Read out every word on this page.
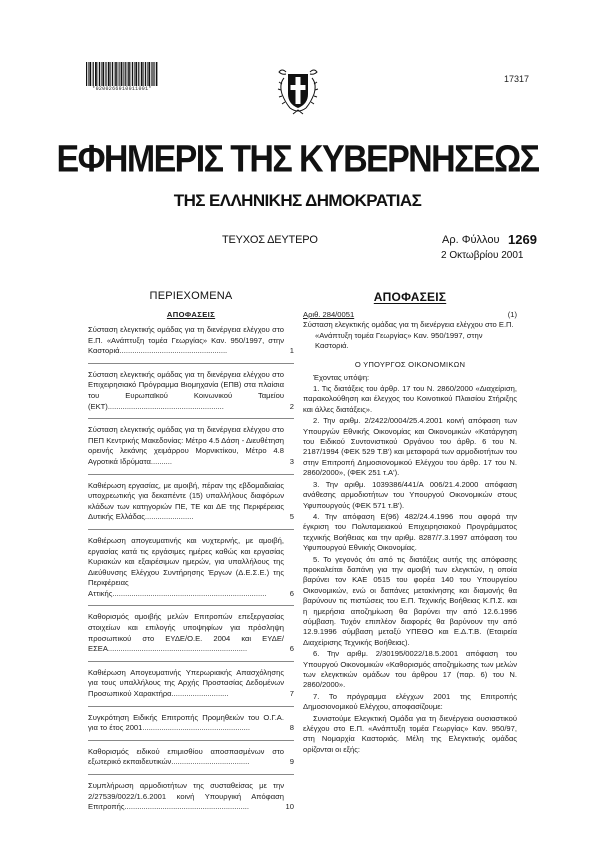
*0200266910011001*
17317
ΕΦΗΜΕΡΙΣ ΤΗΣ ΚΥΒΕΡΝΗΣΕΩΣ
ΤΗΣ ΕΛΛΗΝΙΚΗΣ ΔΗΜΟΚΡΑΤΙΑΣ
ΤΕΥΧΟΣ ΔΕΥΤΕΡΟ	Αρ. Φύλλου 1269
2 Οκτωβρίου 2001
ΠΕΡΙΕΧΟΜΕΝΑ
ΑΠΟΦΑΣΕΙΣ
Σύσταση ελεγκτικής ομάδας για τη διενέργεια ελέγχου στο Ε.Π. «Ανάπτυξη τομέα Γεωργίας» Καν. 950/1997, στην Καστοριά...................................................	1
Σύσταση ελεγκτικής ομάδας για τη διενέργεια ελέγχου στο Επιχειρησιακό Πρόγραμμα Βιομηχανία (ΕΠΒ) στα πλαίσια του Ευρωπαϊκού Κοινωνικού Ταμείου (ΕΚΤ).......................................................	2
Σύσταση ελεγκτικής ομάδας για τη διενέργεια ελέγχου στο ΠΕΠ Κεντρικής Μακεδονίας: Μέτρο 4.5 Δάση - Διευθέτηση ορεινής λεκάνης χειμάρρου Μορνικτίκου, Μέτρο 4.8 Αγροτικά Ιδρύματα..........	3
Καθιέρωση εργασίας, με αμοιβή, πέραν της εβδομαδιαίας υποχρεωτικής για δεκαπέντε (15) υπαλλήλους διαφόρων κλάδων των κατηγοριών ΠΕ, ΤΕ και ΔΕ της Περιφέρειας Δυτικής Ελλάδας.......................	5
Καθιέρωση απογευματινής και νυχτερινής, με αμοιβή, εργασίας κατά τις εργάσιμες ημέρες καθώς και εργασίας Κυριακών και εξαιρέσιμων ημερών, για υπαλλήλους της Διεύθυνσης Ελέγχου Συντήρησης Έργων (Δ.Ε.Σ.Ε.) της Περιφέρειας Αττικής.........................................................................	6
Καθορισμός αμοιβής μελών Επιτροπών επεξεργασίας στοιχείων και επιλογής υποψηφίων για πρόσληψη προσωπικού στο ΕΥΔΕ/Ο.Ε. 2004 και ΕΥΔΕ/ΕΣΕΑ..................................................................	6
Καθιέρωση Απογευματινής Υπερωριακής Απασχόλησης για τους υπαλλήλους της Αρχής Προστασίας Δεδομένων Προσωπικού Χαρακτήρα...........................	7
Συγκρότηση Ειδικής Επιτροπής Προμηθειών του Ο.Γ.Α. για το έτος 2001...................................................	8
Καθορισμός ειδικού επιμισθίου αποσπασμένων στο εξωτερικό εκπαιδευτικών.....................................	9
Συμπλήρωση αρμοδιοτήτων της συσταθείσας με την 2/27539/0022/1.6.2001 κοινή Υπουργική Απόφαση Επιτροπής...........................................................	10
ΑΠΟΦΑΣΕΙΣ
Αριθ. 284/0051	(1)
Σύσταση ελεγκτικής ομάδας για τη διενέργεια ελέγχου στο Ε.Π. «Ανάπτυξη τομέα Γεωργίας» Καν. 950/1997, στην Καστοριά.
Ο ΥΠΟΥΡΓΟΣ ΟΙΚΟΝΟΜΙΚΩΝ
Έχοντας υπόψη:

1. Τις διατάξεις του άρθρ. 17 του Ν. 2860/2000 «Διαχείριση, παρακολούθηση και έλεγχος του Κοινοτικού Πλαισίου Στήριξης και άλλες διατάξεις».

2. Την αριθμ. 2/2422/0004/25.4.2001 κοινή απόφαση των Υπουργών Εθνικής Οικονομίας και Οικονομικών «Κατάργηση του Ειδικού Συντονιστικού Οργάνου του άρθρ. 6 του Ν. 2187/1994 (ΦΕΚ 529 Τ.Β') και μεταφορά των αρμοδιοτήτων του στην Επιτροπή Δημοσιονομικού Ελέγχου του άρθρ. 17 του Ν. 2860/2000», (ΦΕΚ 251 τ.Α').

3. Την αριθμ. 1039386/441/Α 006/21.4.2000 απόφαση ανάθεσης αρμοδιοτήτων του Υπουργού Οικονομικών στους Υφυπουργούς (ΦΕΚ 571 τ.Β').

4. Την απόφαση Ε(96) 482/24.4.1996 που αφορά την έγκριση του Πολυταμειακού Επιχειρησιακού Προγράμματος τεχνικής Βοήθειας και την αριθμ. 8287/7.3.1997 απόφαση του Υφυπουργού Εθνικής Οικονομίας.

5. Το γεγονός ότι από τις διατάξεις αυτής της απόφασης προκαλείται δαπάνη για την αμοιβή των ελεγκτών, η οποία βαρύνει τον ΚΑΕ 0515 του φορέα 140 του Υπουργείου Οικονομικών, ενώ οι δαπάνες μετακίνησης και διαμονής θα βαρύνουν τις πιστώσεις του Ε.Π. Τεχνικής Βοήθειας Κ.Π.Σ. και η ημερήσια αποζημίωση θα βαρύνει την από 12.6.1996 σύμβαση. Τυχόν επιπλέον διαφορές θα βαρύνουν την από 12.9.1996 σύμβαση μεταξύ ΥΠΕΘΟ και Ε.Δ.Τ.Β. (Εταιρεία Διαχείρισης Τεχνικής Βοήθειας).

6. Την αριθμ. 2/30195/0022/18.5.2001 απόφαση του Υπουργού Οικονομικών «Καθορισμός αποζημίωσης των μελών των ελεγκτικών ομάδων του άρθρου 17 (παρ. 6) του Ν. 2860/2000».

7. Το πρόγραμμα ελέγχων 2001 της Επιτροπής Δημοσιονομικού Ελέγχου, αποφασίζουμε:

Συνιστούμε Ελεγκτική Ομάδα για τη διενέργεια ουσιαστικού ελέγχου στο Ε.Π. «Ανάπτυξη τομέα Γεωργίας» Καν. 950/97, στη Νομαρχία Καστοριάς. Μέλη της Ελεγκτικής ομάδας ορίζονται οι εξής:
